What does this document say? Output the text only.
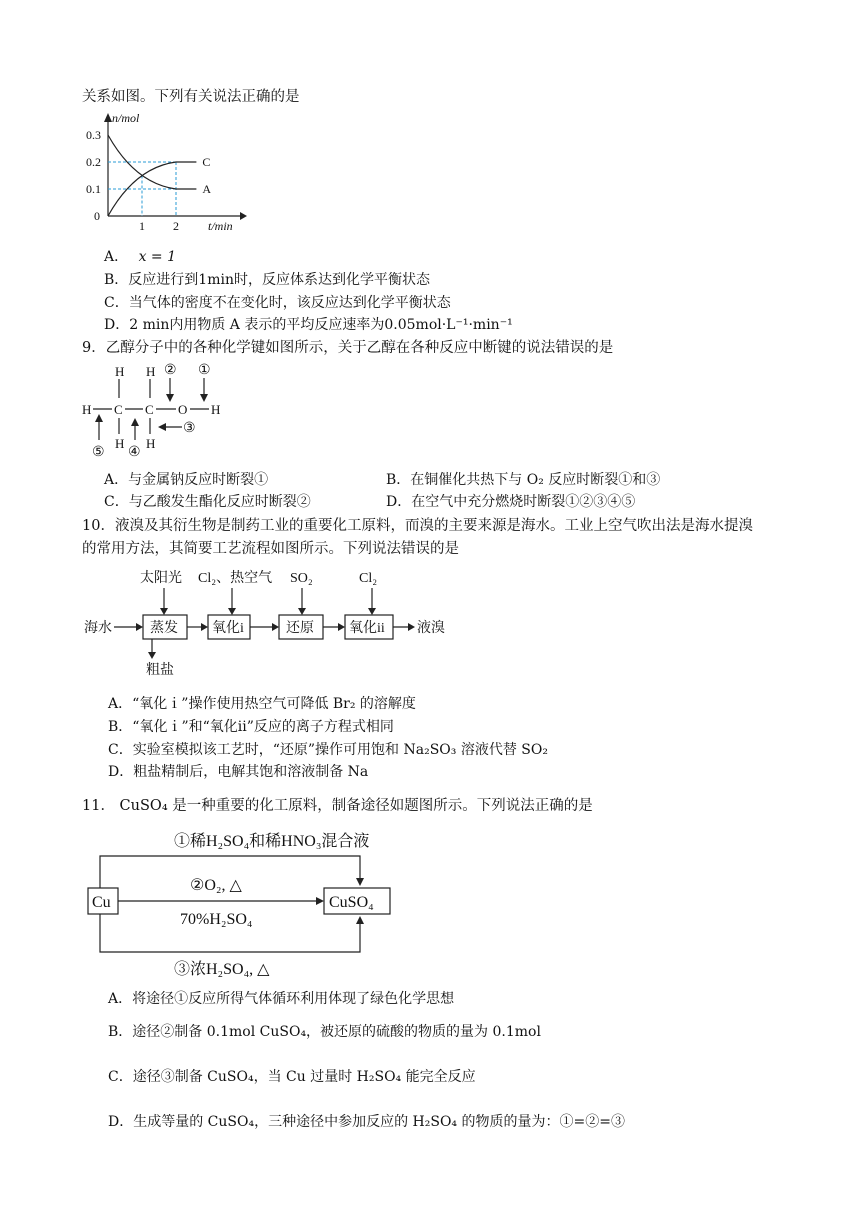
关系如图。下列有关说法正确的是
n/mol
t/min
0.3
0.2
0.1
0
1 2
C
A
A． x = 1
B．反应进行到1min时，反应体系达到化学平衡状态
C．当气体的密度不在变化时，该反应达到化学平衡状态
D．2 min内用物质 A 表示的平均反应速率为0.05mol·L⁻¹·min⁻¹
9．乙醇分子中的各种化学键如图所示，关于乙醇在各种反应中断键的说法错误的是
H C C O H
H H
H H
①
②
③
④
⑤
A．与金属钠反应时断裂①	B．在铜催化共热下与 O₂ 反应时断裂①和③
C．与乙酸发生酯化反应时断裂②	D．在空气中充分燃烧时断裂①②③④⑤
10．液溴及其衍生物是制药工业的重要化工原料，而溴的主要来源是海水。工业上空气吹出法是海水提溴
的常用方法，其简要工艺流程如图所示。下列说法错误的是
海水	蒸发 氧化i	还原	氧化ii 液溴
太阳光 Cl₂、热空气 SO₂	Cl₂
粗盐
A．“氧化ｉ”操作使用热空气可降低 Br₂ 的溶解度
B．“氧化ｉ”和“氧化ii”反应的离子方程式相同
C．实验室模拟该工艺时，“还原”操作可用饱和 Na₂SO₃ 溶液代替 SO₂
D．粗盐精制后，电解其饱和溶液制备 Na
11． CuSO₄ 是一种重要的化工原料，制备途径如题图所示。下列说法正确的是
①稀H₂SO₄和稀HNO₃混合液
Cu	CuSO₄
②O₂, △
70%H₂SO₄
③浓H₂SO₄, △
A．将途径①反应所得气体循环利用体现了绿色化学思想
B．途径②制备 0.1mol CuSO₄，被还原的硫酸的物质的量为 0.1mol
C．途径③制备 CuSO₄，当 Cu 过量时 H₂SO₄ 能完全反应
D．生成等量的 CuSO₄，三种途径中参加反应的 H₂SO₄ 的物质的量为：①=②=③
